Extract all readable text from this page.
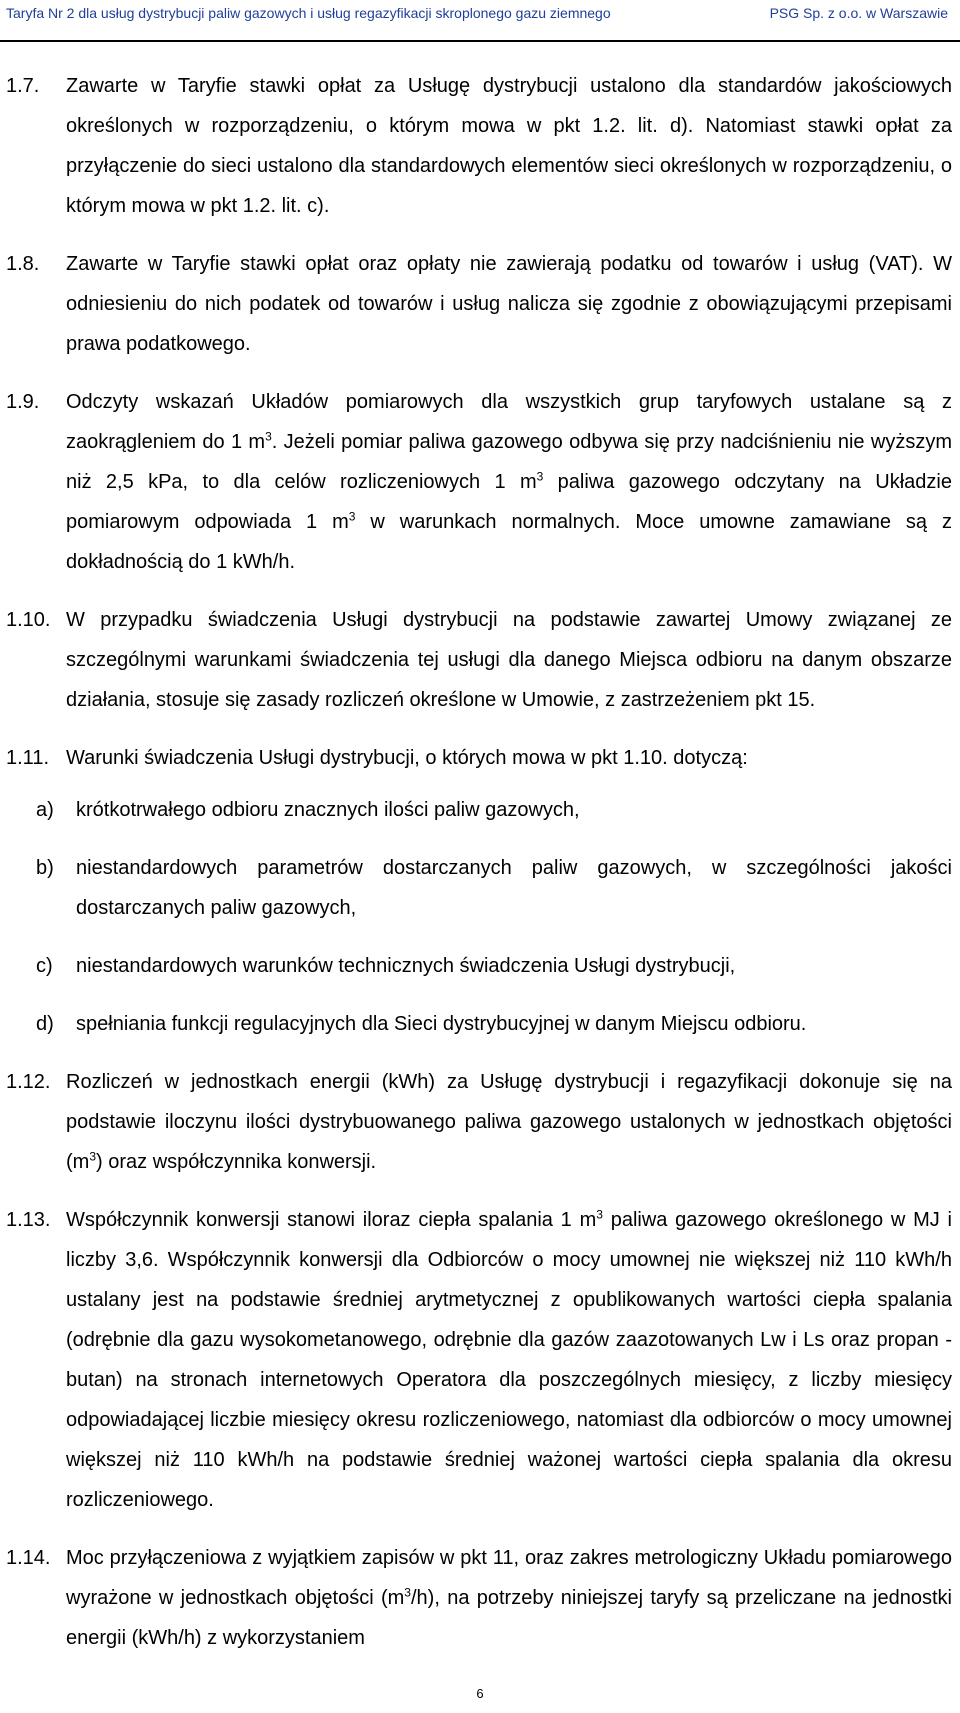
Taryfa Nr 2 dla usług dystrybucji paliw gazowych i usług regazyfikacji skroplonego gazu ziemnego	PSG Sp. z o.o. w Warszawie
1.7. Zawarte w Taryfie stawki opłat za Usługę dystrybucji ustalono dla standardów jakościowych określonych w rozporządzeniu, o którym mowa w pkt 1.2. lit. d). Natomiast stawki opłat za przyłączenie do sieci ustalono dla standardowych elementów sieci określonych w rozporządzeniu, o którym mowa w pkt 1.2. lit. c).

1.8. Zawarte w Taryfie stawki opłat oraz opłaty nie zawierają podatku od towarów i usług (VAT). W odniesieniu do nich podatek od towarów i usług nalicza się zgodnie z obowiązującymi przepisami prawa podatkowego.

1.9. Odczyty wskazań Układów pomiarowych dla wszystkich grup taryfowych ustalane są z zaokrągleniem do 1 $m^3$. Jeżeli pomiar paliwa gazowego odbywa się przy nadciśnieniu nie wyższym niż 2,5 kPa, to dla celów rozliczeniowych 1 $m^3$ paliwa gazowego odczytany na Układzie pomiarowym odpowiada 1 $m^3$ w warunkach normalnych. Moce umowne zamawiane są z dokładnością do 1 kWh/h.

1.10. W przypadku świadczenia Usługi dystrybucji na podstawie zawartej Umowy związanej ze szczególnymi warunkami świadczenia tej usługi dla danego Miejsca odbioru na danym obszarze działania, stosuje się zasady rozliczeń określone w Umowie, z zastrzeżeniem pkt 15.

1.11. Warunki świadczenia Usługi dystrybucji, o których mowa w pkt 1.10. dotyczą:

a) krótkotrwałego odbioru znacznych ilości paliw gazowych,

b) niestandardowych parametrów dostarczanych paliw gazowych, w szczególności jakości dostarczanych paliw gazowych,

c) niestandardowych warunków technicznych świadczenia Usługi dystrybucji,

d) spełniania funkcji regulacyjnych dla Sieci dystrybucyjnej w danym Miejscu odbioru.

1.12. Rozliczeń w jednostkach energii (kWh) za Usługę dystrybucji i regazyfikacji dokonuje się na podstawie iloczynu ilości dystrybuowanego paliwa gazowego ustalonych w jednostkach objętości $(m^3)$ oraz współczynnika konwersji.

1.13. Współczynnik konwersji stanowi iloraz ciepła spalania 1 $m^3$ paliwa gazowego określonego w MJ i liczby 3,6. Współczynnik konwersji dla Odbiorców o mocy umownej nie większej niż 110 kWh/h ustalany jest na podstawie średniej arytmetycznej z opublikowanych wartości ciepła spalania (odrębnie dla gazu wysokometanowego, odrębnie dla gazów zaazotowanych Lw i Ls oraz propan -butan) na stronach internetowych Operatora dla poszczególnych miesięcy, z liczby miesięcy odpowiadającej liczbie miesięcy okresu rozliczeniowego, natomiast dla odbiorców o mocy umownej większej niż 110 kWh/h na podstawie średniej ważonej wartości ciepła spalania dla okresu rozliczeniowego.

1.14. Moc przyłączeniowa z wyjątkiem zapisów w pkt 11, oraz zakres metrologiczny Układu pomiarowego wyrażone w jednostkach objętości $(m^3/h)$, na potrzeby niniejszej taryfy są przeliczane na jednostki energii (kWh/h) z wykorzystaniem

6
